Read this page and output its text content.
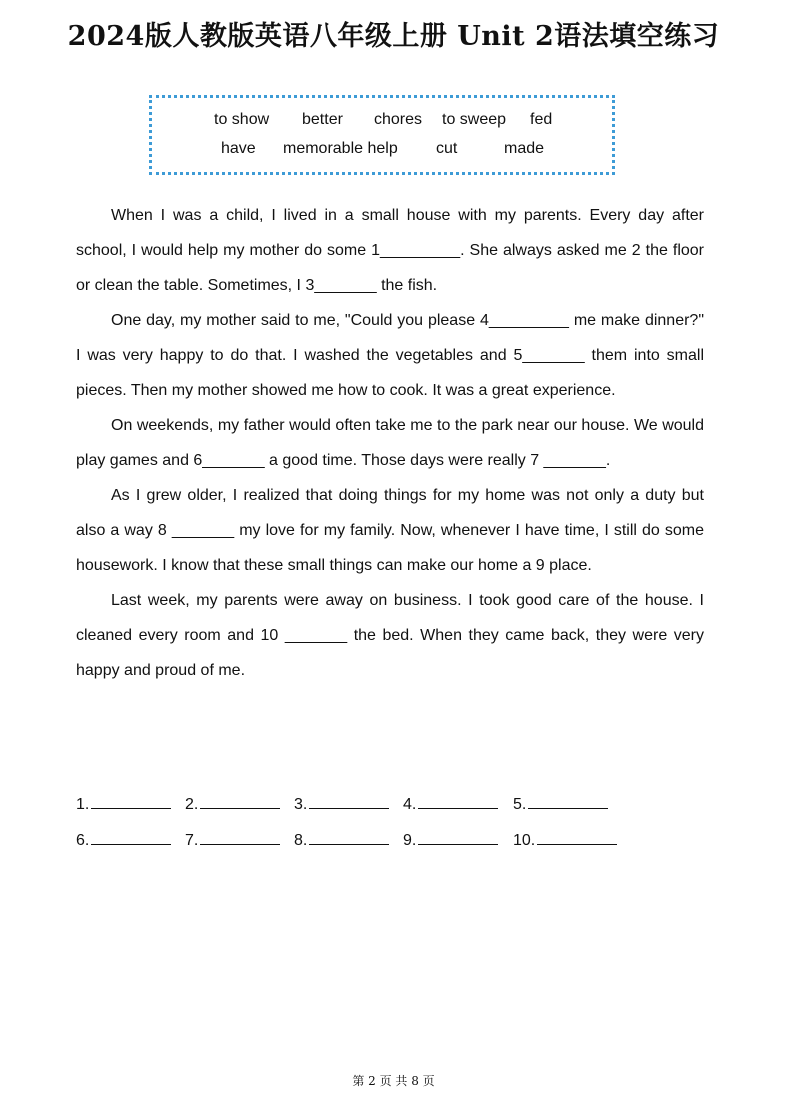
2024版人教版英语八年级上册 Unit 2语法填空练习
to show better chores to sweep fed
have memorable help cut	made

When I was a child, I lived in a small house with my parents. Every day after school, I would help my mother do some 1_________. She always asked me 2 the floor or clean the table. Sometimes, I 3_______ the fish.

One day, my mother said to me, "Could you please 4_________ me make dinner?" I was very happy to do that. I washed the vegetables and 5_______ them into small pieces. Then my mother showed me how to cook. It was a great experience.

On weekends, my father would often take me to the park near our house. We would play games and 6_______ a good time. Those days were really 7 _______.

As I grew older, I realized that doing things for my home was not only a duty but also a way 8 _______ my love for my family. Now, whenever I have time, I still do some housework. I know that these small things can make our home a 9 place.

Last week, my parents were away on business. I took good care of the house. I cleaned every room and 10 _______ the bed. When they came back, they were very happy and proud of me.

1.	2.	3.	4.	5.
6.	7.	8.	9.	10.
第 2 页 共 8 页
